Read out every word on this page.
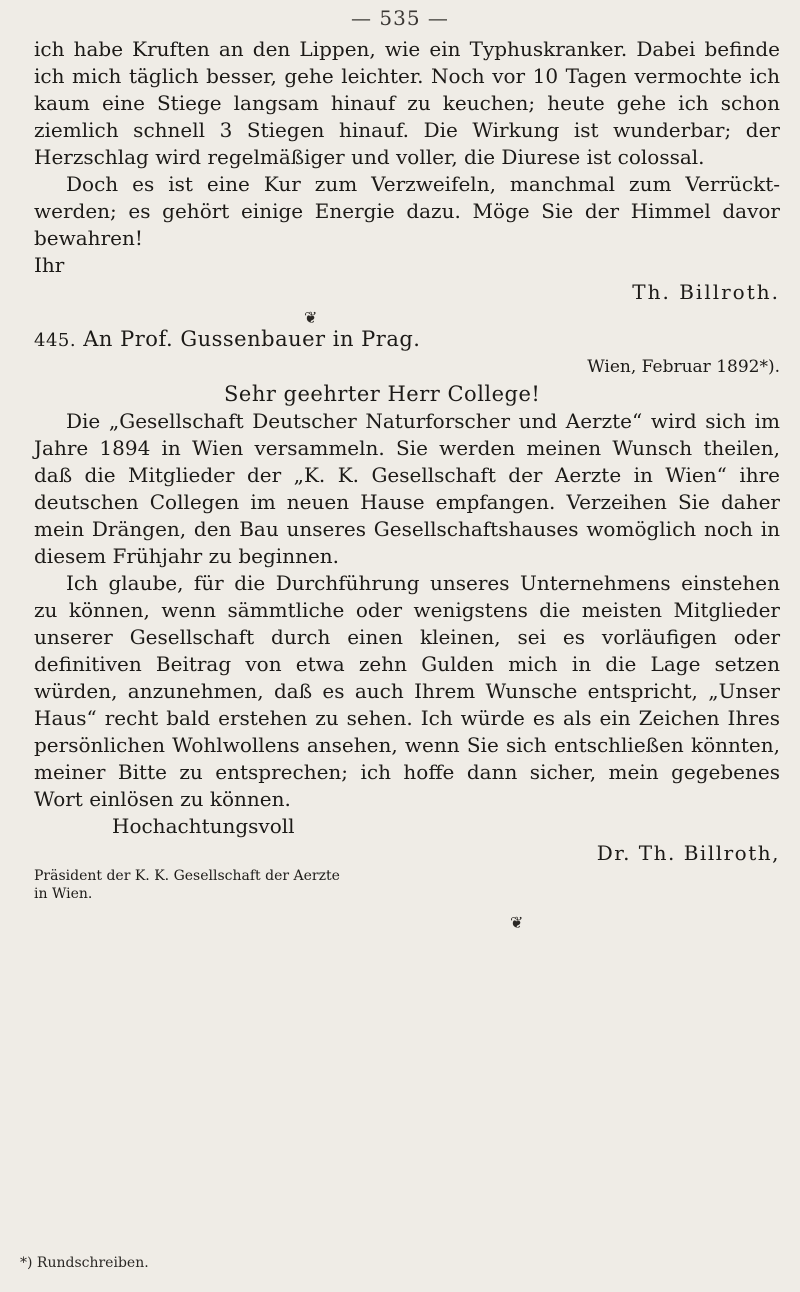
— 535 —

ich habe Kruften an den Lippen, wie ein Typhuskranker. Dabei befinde ich mich täglich besser, gehe leichter. Noch vor 10 Tagen vermochte ich kaum eine Stiege langsam hinauf zu keuchen; heute gehe ich schon ziemlich schnell 3 Stiegen hinauf. Die Wirkung ist wunderbar; der Herzschlag wird regelmäßiger und voller, die Diurese ist colossal.

Doch es ist eine Kur zum Verzweifeln, manchmal zum Verrückt-werden; es gehört einige Energie dazu. Möge Sie der Himmel davor bewahren!

Ihr

Th. Billroth.

❦

445. An Prof. Gussenbauer in Prag.

Wien, Februar 1892*).

Sehr geehrter Herr College!

Die „Gesellschaft Deutscher Naturforscher und Aerzte“ wird sich im Jahre 1894 in Wien versammeln. Sie werden meinen Wunsch theilen, daß die Mitglieder der „K. K. Gesellschaft der Aerzte in Wien“ ihre deutschen Collegen im neuen Hause empfangen. Verzeihen Sie daher mein Drängen, den Bau unseres Gesellschaftshauses womöglich noch in diesem Frühjahr zu beginnen.

Ich glaube, für die Durchführung unseres Unternehmens einstehen zu können, wenn sämmtliche oder wenigstens die meisten Mitglieder unserer Gesellschaft durch einen kleinen, sei es vorläufigen oder definitiven Beitrag von etwa zehn Gulden mich in die Lage setzen würden, anzunehmen, daß es auch Ihrem Wunsche entspricht, „Unser Haus“ recht bald erstehen zu sehen. Ich würde es als ein Zeichen Ihres persönlichen Wohlwollens ansehen, wenn Sie sich entschließen könnten, meiner Bitte zu entsprechen; ich hoffe dann sicher, mein gegebenes Wort einlösen zu können.

Hochachtungsvoll

Dr. Th. Billroth,

Präsident der K. K. Gesellschaft der Aerzte

in Wien.

❦
*) Rundschreiben.
